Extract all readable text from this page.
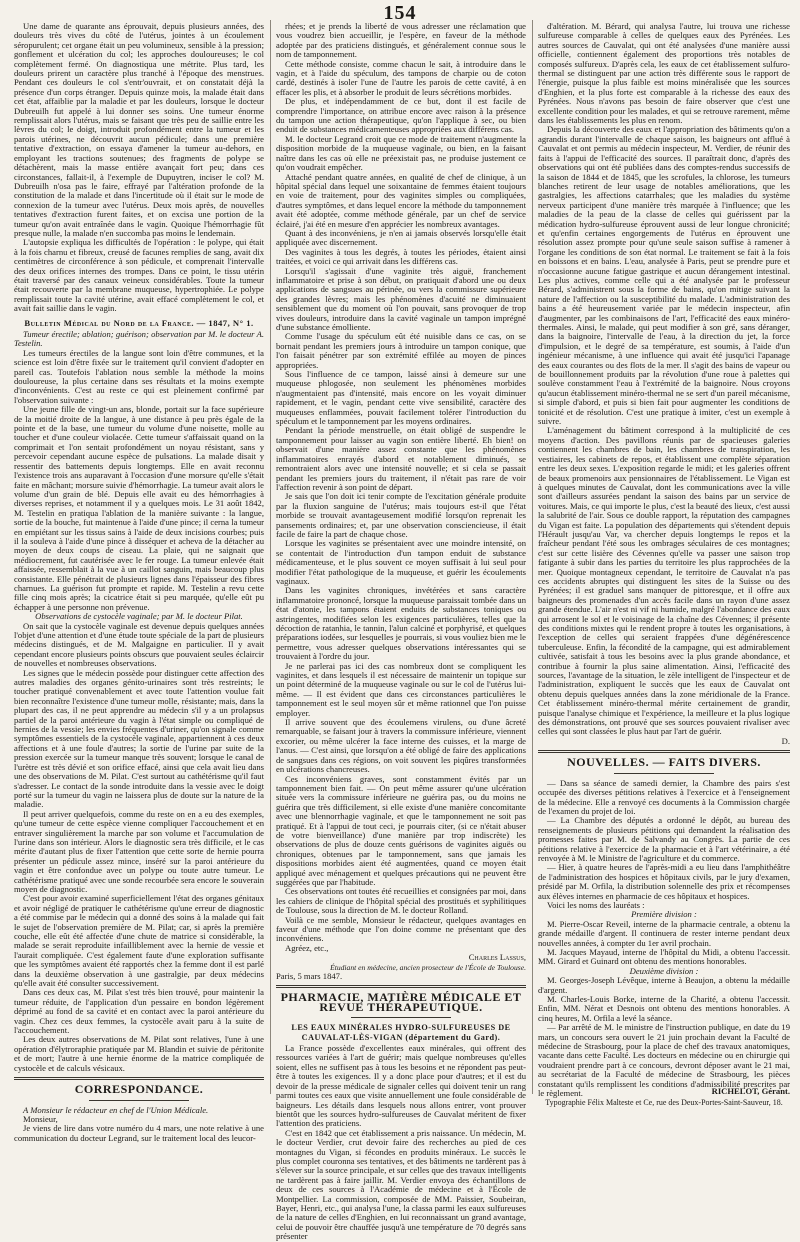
154

Une dame de quarante ans éprouvait, depuis plusieurs années, des douleurs très vives du côté de l'utérus, jointes à un écoulement séropurulent; cet organe était un peu volumineux, sensible à la pression; gonflement et ulcération du col; les approches douloureuses; le col complètement fermé. On diagnostiqua une métrite. Plus tard, les douleurs prirent un caractère plus tranché à l'époque des menstrues. Pendant ces douleurs le col s'entr'ouvrait, et on constatait déjà la présence d'un corps étranger. Depuis quinze mois, la malade était dans cet état, affaiblie par la maladie et par les douleurs, lorsque le docteur Dubreuilh fut appelé à lui donner ses soins. Une tumeur énorme remplissait alors l'utérus, mais se faisant que très peu de saillie entre les lèvres du col; le doigt, introduit profondément entre la tumeur et les parois utérines, ne découvrit aucun pédicule; dans une première tentative d'extraction, on essaya d'amener la tumeur au-dehors, en employant les tractions soutenues; des fragments de polype se détachèrent, mais la masse entière avançait fort peu; dans ces circonstances, fallait-il, à l'exemple de Dupuytren, inciser le col? M. Dubreuilh n'osa pas le faire, effrayé par l'altération profonde de la constitution de la malade et dans l'incertitude où il était sur le mode de connexion de la tumeur avec l'utérus. Deux mois après, de nouvelles tentatives d'extraction furent faites, et on excisa une portion de la tumeur qu'on avait entraînée dans le vagin. Quoique l'hémorrhagie fût presque nulle, la malade n'en succomba pas moins le lendemain.

L'autopsie expliqua les difficultés de l'opération : le polype, qui était à la fois charnu et fibreux, creusé de facunes remplies de sang, avait dix centimètres de circonférence à son pédicule, et comprenait l'intervalle des deux orifices internes des trompes. Dans ce point, le tissu utérin était traversé par des canaux veineux considérables. Toute la tumeur était recouverte par la membrane muqueuse, hypertrophiée. Le polype remplissait toute la cavité utérine, avait effacé complètement le col, et avait fait saillie dans le vagin.

Bulletin Médical du Nord de la France. — 1847, N° 1.

Tumeur érectile; ablation; guérison; observation par M. le docteur A. Testelin.

Les tumeurs érectiles de la langue sont loin d'être communes, et la science est loin d'être fixée sur le traitement qu'il convient d'adopter en pareil cas. Toutefois l'ablation nous semble la méthode la moins douloureuse, la plus certaine dans ses résultats et la moins exempte d'inconvénients. C'est au reste ce qui est pleinement confirmé par l'observation suivante :

Une jeune fille de vingt-un ans, blonde, portait sur la face supérieure de la moitié droite de la langue, à une distance à peu près égale de la pointe et de la base, une tumeur du volume d'une noisette, molle au toucher et d'une couleur violacée. Cette tumeur s'affaissait quand on la comprimait et l'on sentait profondément un noyau résistant, sans y percevoir cependant aucune espèce de pulsations. La malade disait y ressentir des battements depuis longtemps. Elle en avait reconnu l'existence trois ans auparavant à l'occasion d'une morsure qu'elle s'était faite en mâchant; morsure suivie d'hémorrhagie. La tumeur avait alors le volume d'un grain de blé. Depuis elle avait eu des hémorrhagies à diverses reprises, et notamment il y a quelques mois. Le 31 août 1842, M. Testelin en pratiqua l'ablation de la manière suivante : la langue, sortie de la bouche, fut maintenue à l'aide d'une pince; il cerna la tumeur en empiétant sur les tissus sains à l'aide de deux incisions courbes; puis il la souleva à l'aide d'une pince à disséquer et acheva de la détacher au moyen de deux coups de ciseau. La plaie, qui ne saignait que médiocrement, fut cautérisée avec le fer rouge. La tumeur enlevée était affaissée, ressemblait à la vue à un caillot sanguin, mais beaucoup plus consistante. Elle pénétrait de plusieurs lignes dans l'épaisseur des fibres charnues. La guérison fut prompte et rapide. M. Testelin a revu cette fille cinq mois après; la cicatrice était si peu marquée, qu'elle eût pu échapper à une personne non prévenue.

Observations de cystocèle vaginale; par M. le docteur Pilat.

On sait que la cystocèle vaginale est devenue depuis quelques années l'objet d'une attention et d'une étude toute spéciale de la part de plusieurs médecins distingués, et de M. Malgaigne en particulier. Il y avait cependant encore plusieurs points obscurs que pouvaient seules éclaircir de nouvelles et nombreuses observations.

Les signes que le médecin possède pour distinguer cette affection des autres maladies des organes génito-urinaires sont très restreints; le toucher pratiqué convenablement et avec toute l'attention voulue fait bien reconnaître l'existence d'une tumeur molle, résistante; mais, dans la plupart des cas, il ne peut apprendre au médecin s'il y a un prolapsus partiel de la paroi antérieure du vagin à l'état simple ou compliqué de hernies de la vessie; les envies fréquentes d'uriner, qu'on signale comme symptômes essentiels de la cystocèle vaginale, appartiennent à ces deux affections et à une foule d'autres; la sortie de l'urine par suite de la pression exercée sur la tumeur manque très souvent; lorsque le canal de l'urètre est très dévié et son orifice effacé, ainsi que cela avait lieu dans une des observations de M. Pilat. C'est surtout au cathétérisme qu'il faut s'adresser. Le contact de la sonde introduite dans la vessie avec le doigt porté sur la tumeur du vagin ne laissera plus de doute sur la nature de la maladie.

Il peut arriver quelquefois, comme du reste on en a eu des exemples, qu'une tumeur de cette espèce vienne compliquer l'accouchement et en entraver singulièrement la marche par son volume et l'accumulation de l'urine dans son intérieur. Alors le diagnostic sera très difficile, et le cas mérite d'autant plus de fixer l'attention que cette sorte de hernie pourra présenter un pédicule assez mince, inséré sur la paroi antérieure du vagin et être confondue avec un polype ou toute autre tumeur. Le cathétérisme pratiqué avec une sonde recourbée sera encore le souverain moyen de diagnostic.

C'est pour avoir examiné superficiellement l'état des organes génitaux et avoir négligé de pratiquer le cathétérisme qu'une erreur de diagnostic a été commise par le médecin qui a donné des soins à la malade qui fait le sujet de l'observation première de M. Pilat; car, si après la première couche, elle eût été affectée d'une chute de matrice si considérable, la malade se serait reproduite infailliblement avec la hernie de vessie et l'aurait compliquée. C'est également faute d'une exploration suffisante que les symptômes avaient été rapportés chez la femme dont il est parlé dans la deuxième observation à une gastralgie, par deux médecins qu'elle avait été consulter successivement.

Dans ces deux cas, M. Pilat s'est très bien trouvé, pour maintenir la tumeur réduite, de l'application d'un pessaire en bondon légèrement déprimé au fond de sa cavité et en contact avec la paroi antérieure du vagin. Chez ces deux femmes, la cystocèle avait paru à la suite de l'accouchement.

Les deux autres observations de M. Pilat sont relatives, l'une à une opération d'élytroraphie pratiquée par M. Blandin et suivie de péritonite et de mort; l'autre à une hernie énorme de la matrice compliquée de cystocèle et de calculs vésicaux.

CORRESPONDANCE.

A Monsieur le rédacteur en chef de l'Union Médicale.

Monsieur,

Je viens de lire dans votre numéro du 4 mars, une note relative à une communication du docteur Legrand, sur le traitement local des leucor-

rhées; et je prends la liberté de vous adresser une réclamation que vous voudrez bien accueillir, je l'espère, en faveur de la méthode adoptée par des praticiens distingués, et généralement connue sous le nom de tamponnement.

Cette méthode consiste, comme chacun le sait, à introduire dans le vagin, et à l'aide du spéculum, des tampons de charpie ou de coton cardé, destinés à isoler l'une de l'autre les parois de cette cavité, à en effacer les plis, et à absorber le produit de leurs sécrétions morbides.

De plus, et indépendamment de ce but, dont il est facile de comprendre l'importance, on attribue encore avec raison à la présence du tampon une action thérapeutique, qu'on l'applique à sec, ou bien enduit de substances médicamenteuses appropriées aux différens cas.

M. le docteur Legrand croit que ce mode de traitement n'augmente la disposition morbide de la muqueuse vaginale, ou bien, en la faisant naître dans les cas où elle ne préexistait pas, ne produise justement ce qu'on voudrait empêcher.

Attaché pendant quatre années, en qualité de chef de clinique, à un hôpital spécial dans lequel une soixantaine de femmes étaient toujours en voie de traitement, pour des vaginites simples ou compliquées, d'autres symptômes, et dans lequel encore la méthode du tamponnement avait été adoptée, comme méthode générale, par un chef de service éclairé, j'ai été en mesure d'en apprécier les nombreux avantages.

Quant à des inconvéniens, je n'en ai jamais observés lorsqu'elle était appliquée avec discernement.

Des vaginites à tous les degrés, à toutes les périodes, étaient ainsi traitées, et voici ce qui arrivait dans les différens cas.

Lorsqu'il s'agissait d'une vaginite très aiguë, franchement inflammatoire et prise à son début, on pratiquait d'abord une ou deux applications de sangsues au périnée, ou vers la commissure supérieure des grandes lèvres; mais les phénomènes d'acuité ne diminuaient sensiblement que du moment où l'on pouvait, sans provoquer de trop vives douleurs, introduire dans la cavité vaginale un tampon imprégné d'une substance émolliente.

Comme l'usage du spéculum eût été nuisible dans ce cas, on se bornait pendant les premiers jours à introduire un tampon conique, que l'on faisait pénétrer par son extrémité effilée au moyen de pinces appropriées.

Sous l'influence de ce tampon, laissé ainsi à demeure sur une muqueuse phlogosée, non seulement les phénomènes morbides n'augmentaient pas d'intensité, mais encore on les voyait diminuer rapidement, et le vagin, pendant cette vive sensibilité, caractère des muqueuses enflammées, pouvait facilement tolérer l'introduction du spéculum et le tamponnement par les moyens ordinaires.

Pendant la période menstruelle, on était obligé de suspendre le tamponnement pour laisser au vagin son entière liberté. Eh bien! on observait d'une manière assez constante que les phénomènes inflammatoires enrayés d'abord et notablement diminués, se remontraient alors avec une intensité nouvelle; et si cela se passait pendant les premiers jours du traitement, il n'était pas rare de voir l'affection revenir à son point de départ.

Je sais que l'on doit ici tenir compte de l'excitation générale produite par la fluxion sanguine de l'utérus; mais toujours est-il que l'état morbide se trouvait avantageusement modifié lorsqu'on reprenait les pansements ordinaires; et, par une observation consciencieuse, il était facile de faire la part de chaque chose.

Lorsque les vaginites se présentaient avec une moindre intensité, on se contentait de l'introduction d'un tampon enduit de substance médicamenteuse, et le plus souvent ce moyen suffisait à lui seul pour modifier l'état pathologique de la muqueuse, et guérir les écoulements vaginaux.

Dans les vaginites chroniques, invétérées et sans caractère inflammatoire prononcé, lorsque la muqueuse paraissait tombée dans un état d'atonie, les tampons étaient enduits de substances toniques ou astringentes, modifiées selon les exigences particulières, telles que la décoction de ratanhia, le tannin, l'alun calciné et porphyrisé, et quelques préparations iodées, sur lesquelles je pourrais, si vous vouliez bien me le permettre, vous adresser quelques observations intéressantes qui se trouvaient à l'ordre du jour.

Je ne parlerai pas ici des cas nombreux dont se compliquent les vaginites, et dans lesquels il est nécessaire de maintenir un topique sur un point déterminé de la muqueuse vaginale ou sur le col de l'utérus lui-même. — Il est évident que dans ces circonstances particulières le tamponnement est le seul moyen sûr et même rationnel que l'on puisse employer.

Il arrive souvent que des écoulemens virulens, ou d'une âcreté remarquable, se faisant jour à travers la commissure inférieure, viennent excorier, ou même ulcérer la face interne des cuisses, et la marge de l'anus. — C'est ainsi, que lorsqu'on a été obligé de faire des applications de sangsues dans ces régions, on voit souvent les piqûres transformées en ulcérations chancreuses.

Ces inconvéniens graves, sont constamment évités par un tamponnement bien fait. — On peut même assurer qu'une ulcération située vers la commissure inférieure ne guérira pas, ou du moins ne guérira que très difficilement, si elle existe d'une manière concomitante avec une blennorrhagie vaginale, et que le tamponnement ne soit pas pratiqué. Et à l'appui de tout ceci, je pourrais citer, (si ce n'était abuser de votre bienveillance) d'une manière par trop indiscrète) les observations de plus de douze cents guérisons de vaginites aiguës ou chroniques, obtenues par le tamponnement, sans que jamais les dispositions morbides aient été augmentées, quand ce moyen était appliqué avec ménagement et quelques précautions qui ne peuvent être suggérées que par l'habitude.

Ces observations ont toutes été recueillies et consignées par moi, dans les cahiers de clinique de l'hôpital spécial des prostitués et syphilitiques de Toulouse, sous la direction de M. le docteur Rolland.

Voilà ce me semble, Monsieur le rédacteur, quelques avantages en faveur d'une méthode que l'on doine comme ne présentant que des inconvéniens.

Agréez, etc.,

Charles Lassus,

Étudiant en médecine, ancien prosecteur de l'École de Toulouse.

Paris, 5 mars 1847.

PHARMACIE, MATIÈRE MÉDICALE ET REVUE THÉRAPEUTIQUE.

LES EAUX MINÉRALES HYDRO-SULFUREUSES DE CAUVALAT-LÈS-VIGAN (département du Gard).

La France possède d'excellentes eaux minérales, qui offrent des ressources variées à l'art de guérir; mais quelque nombreuses qu'elles soient, elles ne suffisent pas à tous les besoins et ne répondent pas peut-être à toutes les exigences. Il y a donc place pour d'autres; et il est du devoir de la presse médicale de signaler celles qui doivent tenir un rang parmi toutes ces eaux que visite annuellement une foule considérable de baigneurs. Les détails dans lesquels nous allons entrer, vont prouver bientôt que les sources hydro-sulfureuses de Cauvalat méritent de fixer l'attention des praticiens.

C'est en 1842 que cet établissement a pris naissance. Un médecin, M. le docteur Verdier, crut devoir faire des recherches au pied de ces montagnes du Vigan, si fécondes en produits minéraux. Le succès le plus complet couronna ses tentatives, et des bâtiments ne tardèrent pas à s'élever sur la source principale, et sur celles que des travaux intelligents ne tardèrent pas à faire jaillir. M. Verdier envoya des échantillons de deux de ces sources à l'Académie de médecine et à l'École de Montpellier. La commission, composée de MM. Paissier, Soubeiran, Bayer, Henri, etc., qui analysa l'une, la classa parmi les eaux sulfureuses de la nature de celles d'Enghien, en lui reconnaissant un grand avantage, celui de pouvoir être chauffée jusqu'à une température de 70 degrés sans présenter

d'altération. M. Bérard, qui analysa l'autre, lui trouva une richesse sulfureuse comparable à celles de quelques eaux des Pyrénées. Les autres sources de Cauvalat, qui ont été analysées d'une manière aussi officielle, contiennent également des proportions très notables de composés sulfureux. D'après cela, les eaux de cet établissement sulfuro-thermal se distinguent par une action très différente sous le rapport de l'énergie, puisque la plus faible est moins minéralisée que les sources d'Enghien, et la plus forte est comparable à la richesse des eaux des Pyrénées. Nous n'avons pas besoin de faire observer que c'est une excellente condition pour les malades, et qui se retrouve rarement, même dans les établissements les plus en renom.

Depuis la découverte des eaux et l'appropriation des bâtiments qu'on a agrandis durant l'intervalle de chaque saison, les baigneurs ont afflué à Cauvalat et ont permis au médecin inspecteur, M. Verdier, de réunir des faits à l'appui de l'efficacité des sources. Il paraîtrait donc, d'après des observations qui ont été publiées dans des comptes-rendus successifs de la saison de 1844 et de 1845, que les scrofules, la chlorose, les tumeurs blanches retirent de leur usage de notables améliorations, que les gastralgies, les affections catarrhales; que les maladies du système nerveux participent d'une manière très marquée à l'influence; que les maladies de la peau de la classe de celles qui guérissent par la médication hydro-sulfureuse éprouvent aussi de leur longue chronicité; et qu'enfin certaines engorgements de l'utérus en éprouvent une résolution assez prompte pour qu'une seule saison suffise à ramener à l'organe les conditions de son état normal. Le traitement se fait à la fois en boissons et en bains. L'eau, analysée à Paris, peut se prendre pure et n'occasionne aucune fatigue gastrique et aucun dérangement intestinal. Les plus actives, comme celle qui a été analysée par le professeur Bérard, s'administrent sous la forme de bains, qu'on mitige suivant la nature de l'affection ou la susceptibilité du malade. L'administration des bains a été heureusement variée par le médecin inspecteur, afin d'augmenter, par les combinaisons de l'art, l'efficacité des eaux minéro-thermales. Ainsi, le malade, qui peut modifier à son gré, sans déranger, dans la baignoire, l'intervalle de l'eau, à la direction du jet, la force d'impulsion, et le degré de sa température, est soumis, à l'aide d'un ingénieur mécanisme, à une influence qui avait été jusqu'ici l'apanage des eaux courantes ou des flots de la mer. Il s'agit des bains de vapeur ou de bouillonnement produits par la révolution d'une roue à palettes qui soulève constamment l'eau à l'extrémité de la baignoire. Nous croyons qu'aucun établissement minéro-thermal ne se sert d'un pareil mécanisme, si simple d'abord, et puis si bien fait pour augmenter les conditions de tonicité et de résolution. C'est une pratique à imiter, c'est un exemple à suivre.

L'aménagement du bâtiment correspond à la multiplicité de ces moyens d'action. Des pavillons réunis par de spacieuses galeries contiennent les chambres de bain, les chambres de transpiration, les vestiaires, les cabinets de repos, et établissent une complète séparation entre les deux sexes. L'exposition regarde le midi; et les galeries offrent de beaux promenoirs aux pensionnaires de l'établissement. Le Vigan est à quelques minutes de Cauvalat, dont les communications avec la ville sont d'ailleurs assurées pendant la saison des bains par un service de voitures. Mais, ce qui importe le plus, c'est la beauté des lieux, c'est aussi la salubrité de l'air. Sous ce double rapport, la réputation des campagnes du Vigan est faite. La population des départements qui s'étendent depuis l'Hérault jusqu'au Var, va chercher depuis longtemps le repos et la fraîcheur pendant l'été sous les ombrages séculaires de ces montagnes; c'est sur cette lisière des Cévennes qu'elle va passer une saison trop fatigante à subir dans les parties du territoire les plus rapprochées de la mer. Quoique montagneux cependant, le territoire de Cauvalat n'a pas ces accidents abruptes qui distinguent les sites de la Suisse ou des Pyrénées; il est graduel sans manquer de pittoresque, et il offre aux baigneurs des promenades d'un accès facile dans un rayon d'une assez grande étendue. L'air n'est ni vif ni humide, malgré l'abondance des eaux qui arrosent le sol et le voisinage de la chaîne des Cévennes; il présente des conditions mixtes qui le rendent propre à toutes les organisations, à l'exception de celles qui seraient frappées d'une dégénérescence tuberculeuse. Enfin, la fécondité de la campagne, qui est admirablement cultivée, satisfait à tous les besoins avec la plus grande abondance, et contribue à fournir la plus saine alimentation. Ainsi, l'efficacité des sources, l'avantage de la situation, le zèle intelligent de l'inspecteur et de l'administration, expliquent le succès que les eaux de Cauvalat ont obtenu depuis quelques années dans la zone méridionale de la France. Cet établissement minéro-thermal mérite certainement de grandir, puisque l'analyse chimique et l'expérience, la meilleure et la plus logique des démonstrations, ont prouvé que ses sources pouvaient rivaliser avec celles qui sont classées le plus haut par l'art de guérir.

D.

NOUVELLES. — FAITS DIVERS.

— Dans sa séance de samedi dernier, la Chambre des pairs s'est occupée des diverses pétitions relatives à l'exercice et à l'enseignement de la médecine. Elle a renvoyé ces documents à la Commission chargée de l'examen du projet de loi.

— La Chambre des députés a ordonné le dépôt, au bureau des renseignements de plusieurs pétitions qui demandent la réalisation des promesses faites par M. de Salvandy au Congrès. La partie de ces pétitions relative à l'exercice de la pharmacie et à l'art vétérinaire, a été renvoyée à M. le Ministre de l'agriculture et du commerce.

— Hier, à quatre heures de l'après-midi a eu lieu dans l'amphithéâtre de l'administration des hospices et hôpitaux civils, par le jury d'examen, présidé par M. Orfila, la distribution solennelle des prix et récompenses aux élèves internes en pharmacie de ces hôpitaux et hospices.

Voici les noms des lauréats :

Première division :

M. Pierre-Oscar Reveil, interne de la pharmacie centrale, a obtenu la grande médaille d'argent. Il continuera de rester interne pendant deux nouvelles années, à compter du 1er avril prochain.

M. Jacques Mayaud, interne de l'hôpital du Midi, a obtenu l'accessit. MM. Girard et Guinard ont obtenu des mentions honorables.

Deuxième division :

M. Georges-Joseph Lévêque, interne à Beaujon, a obtenu la médaille d'argent.

M. Charles-Louis Borke, interne de la Charité, a obtenu l'accessit. Enfin, MM. Nérat et Desnois ont obtenu des mentions honorables. A cinq heures, M. Orfila a levé la séance.

— Par arrêté de M. le ministre de l'instruction publique, en date du 19 mars, un concours sera ouvert le 21 juin prochain devant la Faculté de médecine de Strasbourg, pour la place de chef des travaux anatomiques, vacante dans cette Faculté. Les docteurs en médecine ou en chirurgie qui voudraient prendre part à ce concours, devront déposer avant le 21 mai, au secrétariat de la Faculté de médecine de Strasbourg, les pièces constatant qu'ils remplissent les conditions d'admissibilité prescrites par le règlement.	RICHELOT, Gérant.
Typographie Félix Malteste et Ce, rue des Deux-Portes-Saint-Sauveur, 18.
